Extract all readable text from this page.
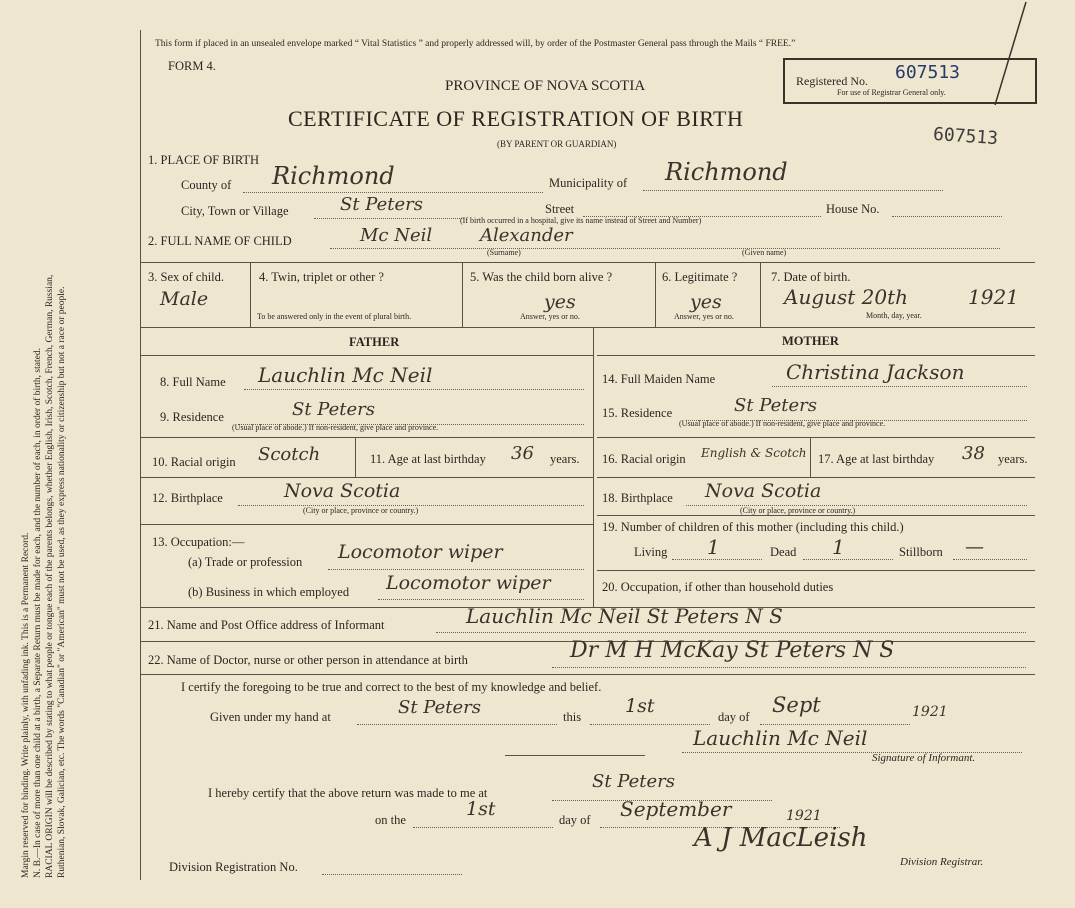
Margin reserved for binding. Write plainly, with unfading ink. This is a Permanent Record. N. B.—In case of more than one child at a birth, a Separate Return must be made for each, and the number of each, in order of birth, stated. RACIAL ORIGIN will be described by stating to what people or tongue each of the parents belongs, whether English, Irish, Scotch, French, German, Russian, Ruthenian, Slovak, Galician, etc. The words "Canadian" or "American" must not be used, as they express nationality or citizenship but not a race or people.
This form if placed in an unsealed envelope marked “ Vital Statistics ” and properly addressed will, by order of the Postmaster General pass through the Mails “ FREE.”
FORM 4.
PROVINCE OF NOVA SCOTIA
CERTIFICATE OF REGISTRATION OF BIRTH
(BY PARENT OR GUARDIAN)
Registered No. 607513
For use of Registrar General only.
607513
1. PLACE OF BIRTH
County of Richmond	Municipality of Richmond
City, Town or Village	St Peters	Street	House No.
(If birth occurred in a hospital, give its name instead of Street and Number)
2. FULL NAME OF CHILD	Mc Neil	Alexander
(Surname)	(Given name)
3. Sex of child.
Male
4. Twin, triplet or other ?
To be answered only in the event of plural birth.
5. Was the child born alive ?
yes
Answer, yes or no.
6. Legitimate ?
yes
Answer, yes or no.
7. Date of birth.
August 20th	1921
Month, day, year.
FATHER	MOTHER
8. Full Name Lauchlin Mc Neil
9. Residence	St Peters
(Usual place of abode.) If non-resident, give place and province.
10. Racial origin Scotch	11. Age at last birthday 36 years.
12. Birthplace	Nova Scotia
(City or place, province or country.)
13. Occupation:—
(a) Trade or profession Locomotor wiper
(b) Business in which employed Locomotor wiper
14. Full Maiden Name	Christina Jackson
15. Residence	St Peters
(Usual place of abode.) If non-resident, give place and province.
16. Racial origin English & Scotch 17. Age at last birthday 38 years.
18. Birthplace Nova Scotia
(City or place, province or country.)
19. Number of children of this mother (including this child.)
Living 1	Dead 1	Stillborn —
20. Occupation, if other than household duties
21. Name and Post Office address of Informant	Lauchlin Mc Neil St Peters N S
22. Name of Doctor, nurse or other person in attendance at birth	Dr M H McKay St Peters N S
I certify the foregoing to be true and correct to the best of my knowledge and belief.
Given under my hand at	St Peters	this 1st	day of Sept	1921
Lauchlin Mc Neil
Signature of Informant.
I hereby certify that the above return was made to me at
St Peters
on the	1st	day of September	1921
A J MacLeish
Division Registrar.
Division Registration No.
